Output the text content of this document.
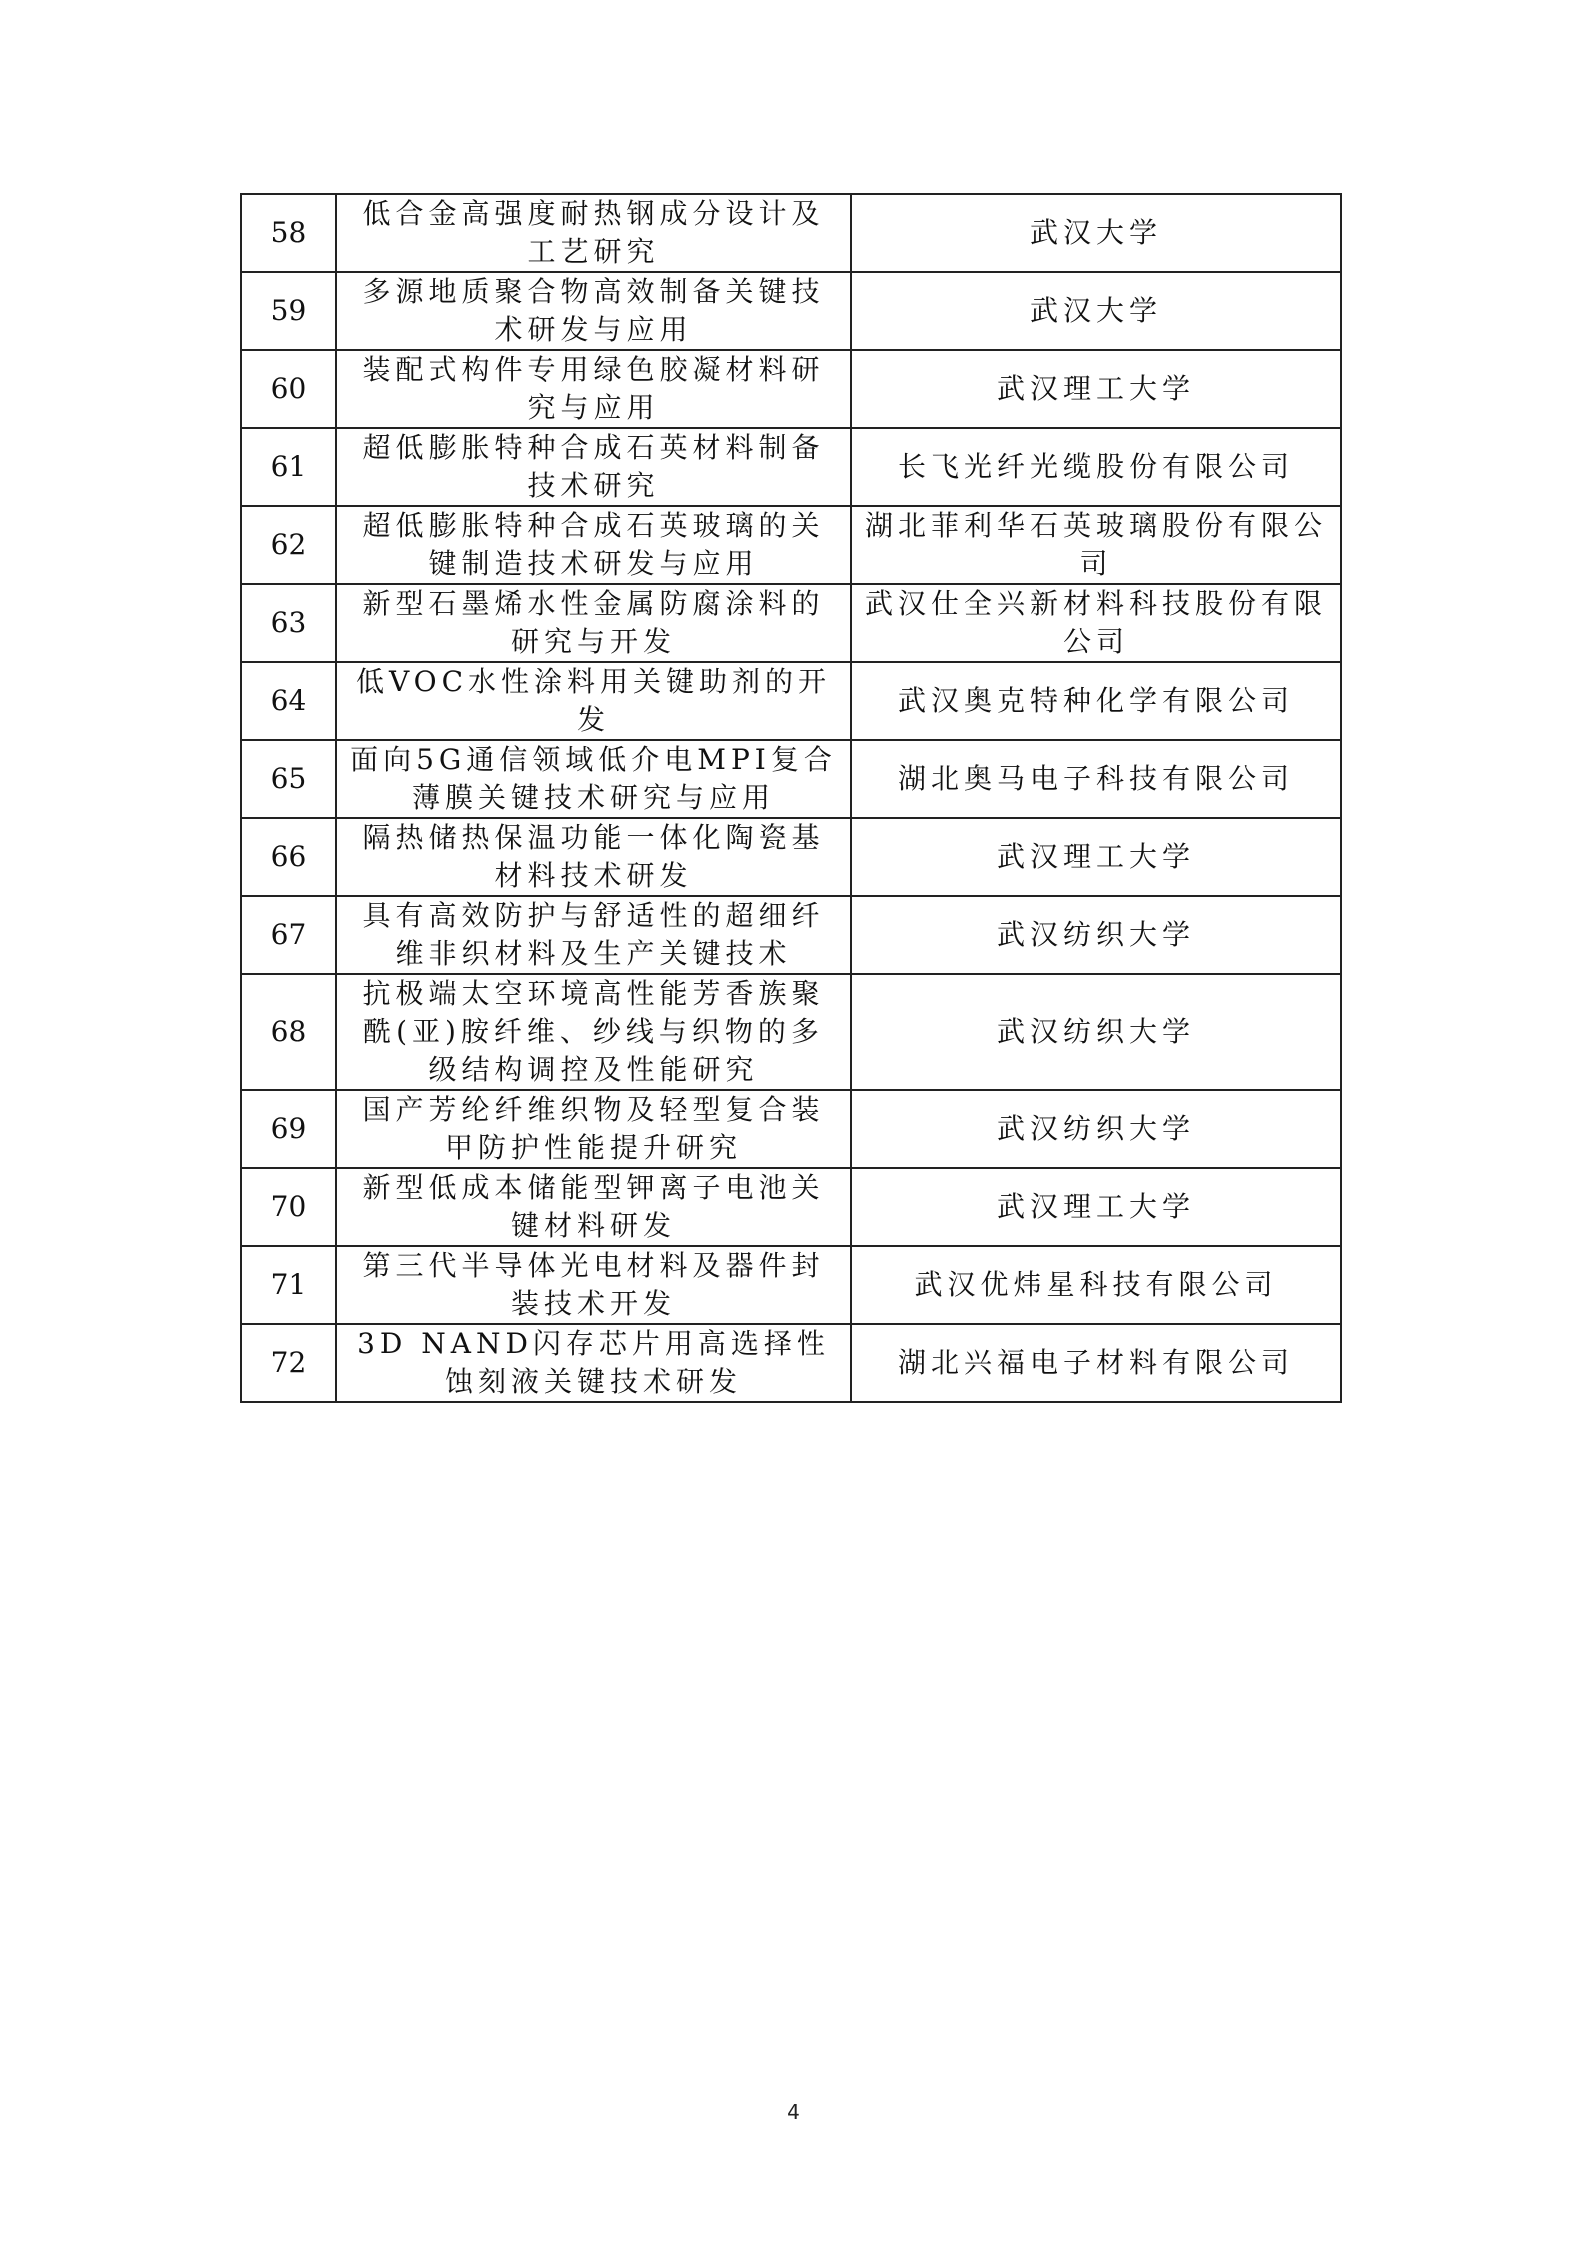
58	低合金高强度耐热钢成分设计及工艺研究	武汉大学
59	多源地质聚合物高效制备关键技术研发与应用	武汉大学
60	装配式构件专用绿色胶凝材料研究与应用	武汉理工大学
61	超低膨胀特种合成石英材料制备技术研究	长飞光纤光缆股份有限公司
62	超低膨胀特种合成石英玻璃的关键制造技术研发与应用	湖北菲利华石英玻璃股份有限公司
63	新型石墨烯水性金属防腐涂料的研究与开发	武汉仕全兴新材料科技股份有限公司
64	低VOC水性涂料用关键助剂的开发	武汉奥克特种化学有限公司
65	面向5G通信领域低介电MPI复合薄膜关键技术研究与应用	湖北奥马电子科技有限公司
66	隔热储热保温功能一体化陶瓷基材料技术研发	武汉理工大学
67	具有高效防护与舒适性的超细纤维非织材料及生产关键技术	武汉纺织大学
68	抗极端太空环境高性能芳香族聚酰(亚)胺纤维、纱线与织物的多级结构调控及性能研究	武汉纺织大学
69	国产芳纶纤维织物及轻型复合装甲防护性能提升研究	武汉纺织大学
70	新型低成本储能型钾离子电池关键材料研发	武汉理工大学
71	第三代半导体光电材料及器件封装技术开发	武汉优炜星科技有限公司
72	3D NAND闪存芯片用高选择性蚀刻液关键技术研发	湖北兴福电子材料有限公司
4
